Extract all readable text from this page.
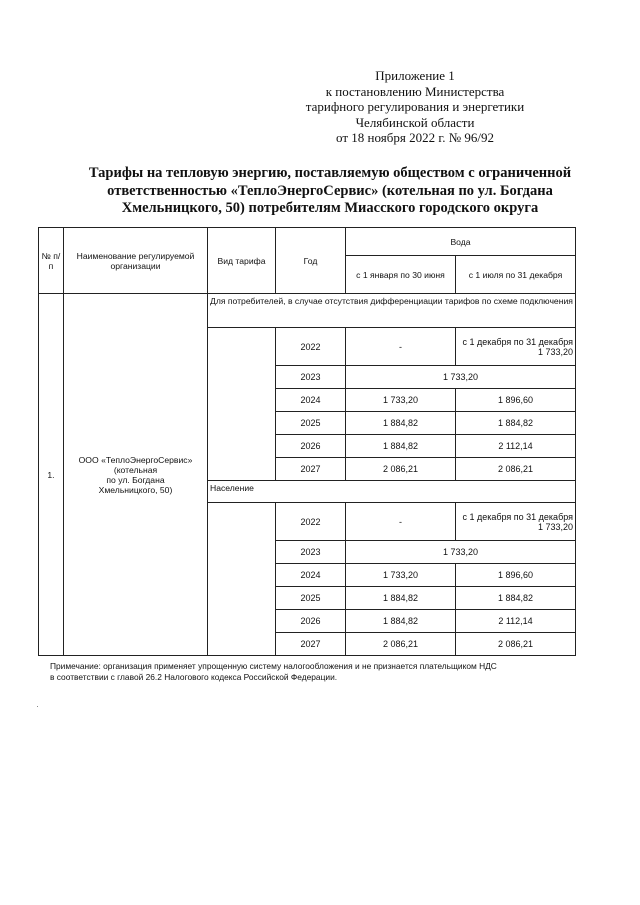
Приложение 1
к постановлению Министерства
тарифного регулирования и энергетики
Челябинской области
от 18 ноября 2022 г. № 96/92
Тарифы на тепловую энергию, поставляемую обществом с ограниченной
ответственностью «ТеплоЭнергоСервис» (котельная по ул. Богдана
Хмельницкого, 50) потребителям Миасского городского округа
№ п/п	Наименование регулируемой организации	Вид тарифа	Год	Вода	
				с 1 января по 30 июня	с 1 июля по 31 декабря
1.	ООО «ТеплоЭнергоСервис»
(котельная
по ул. Богдана
Хмельницкого, 50)	Для потребителей, в случае отсутствия дифференциации тарифов по схеме подключения			
			2022	-	с 1 декабря по 31 декабря
1 733,20

			2023	1 733,20	
			2024	1 733,20	1 896,60
			2025	1 884,82	1 884,82
			2026	1 884,82	2 112,14
			2027	2 086,21	2 086,21
		Население			
			2022	-	с 1 декабря по 31 декабря
1 733,20

			2023	1 733,20	
			2024	1 733,20	1 896,60
			2025	1 884,82	1 884,82
			2026	1 884,82	2 112,14
			2027	2 086,21	2 086,21
Примечание: организация применяет упрощенную систему налогообложения и не признается плательщиком НДС
в соответствии с главой 26.2 Налогового кодекса Российской Федерации.
